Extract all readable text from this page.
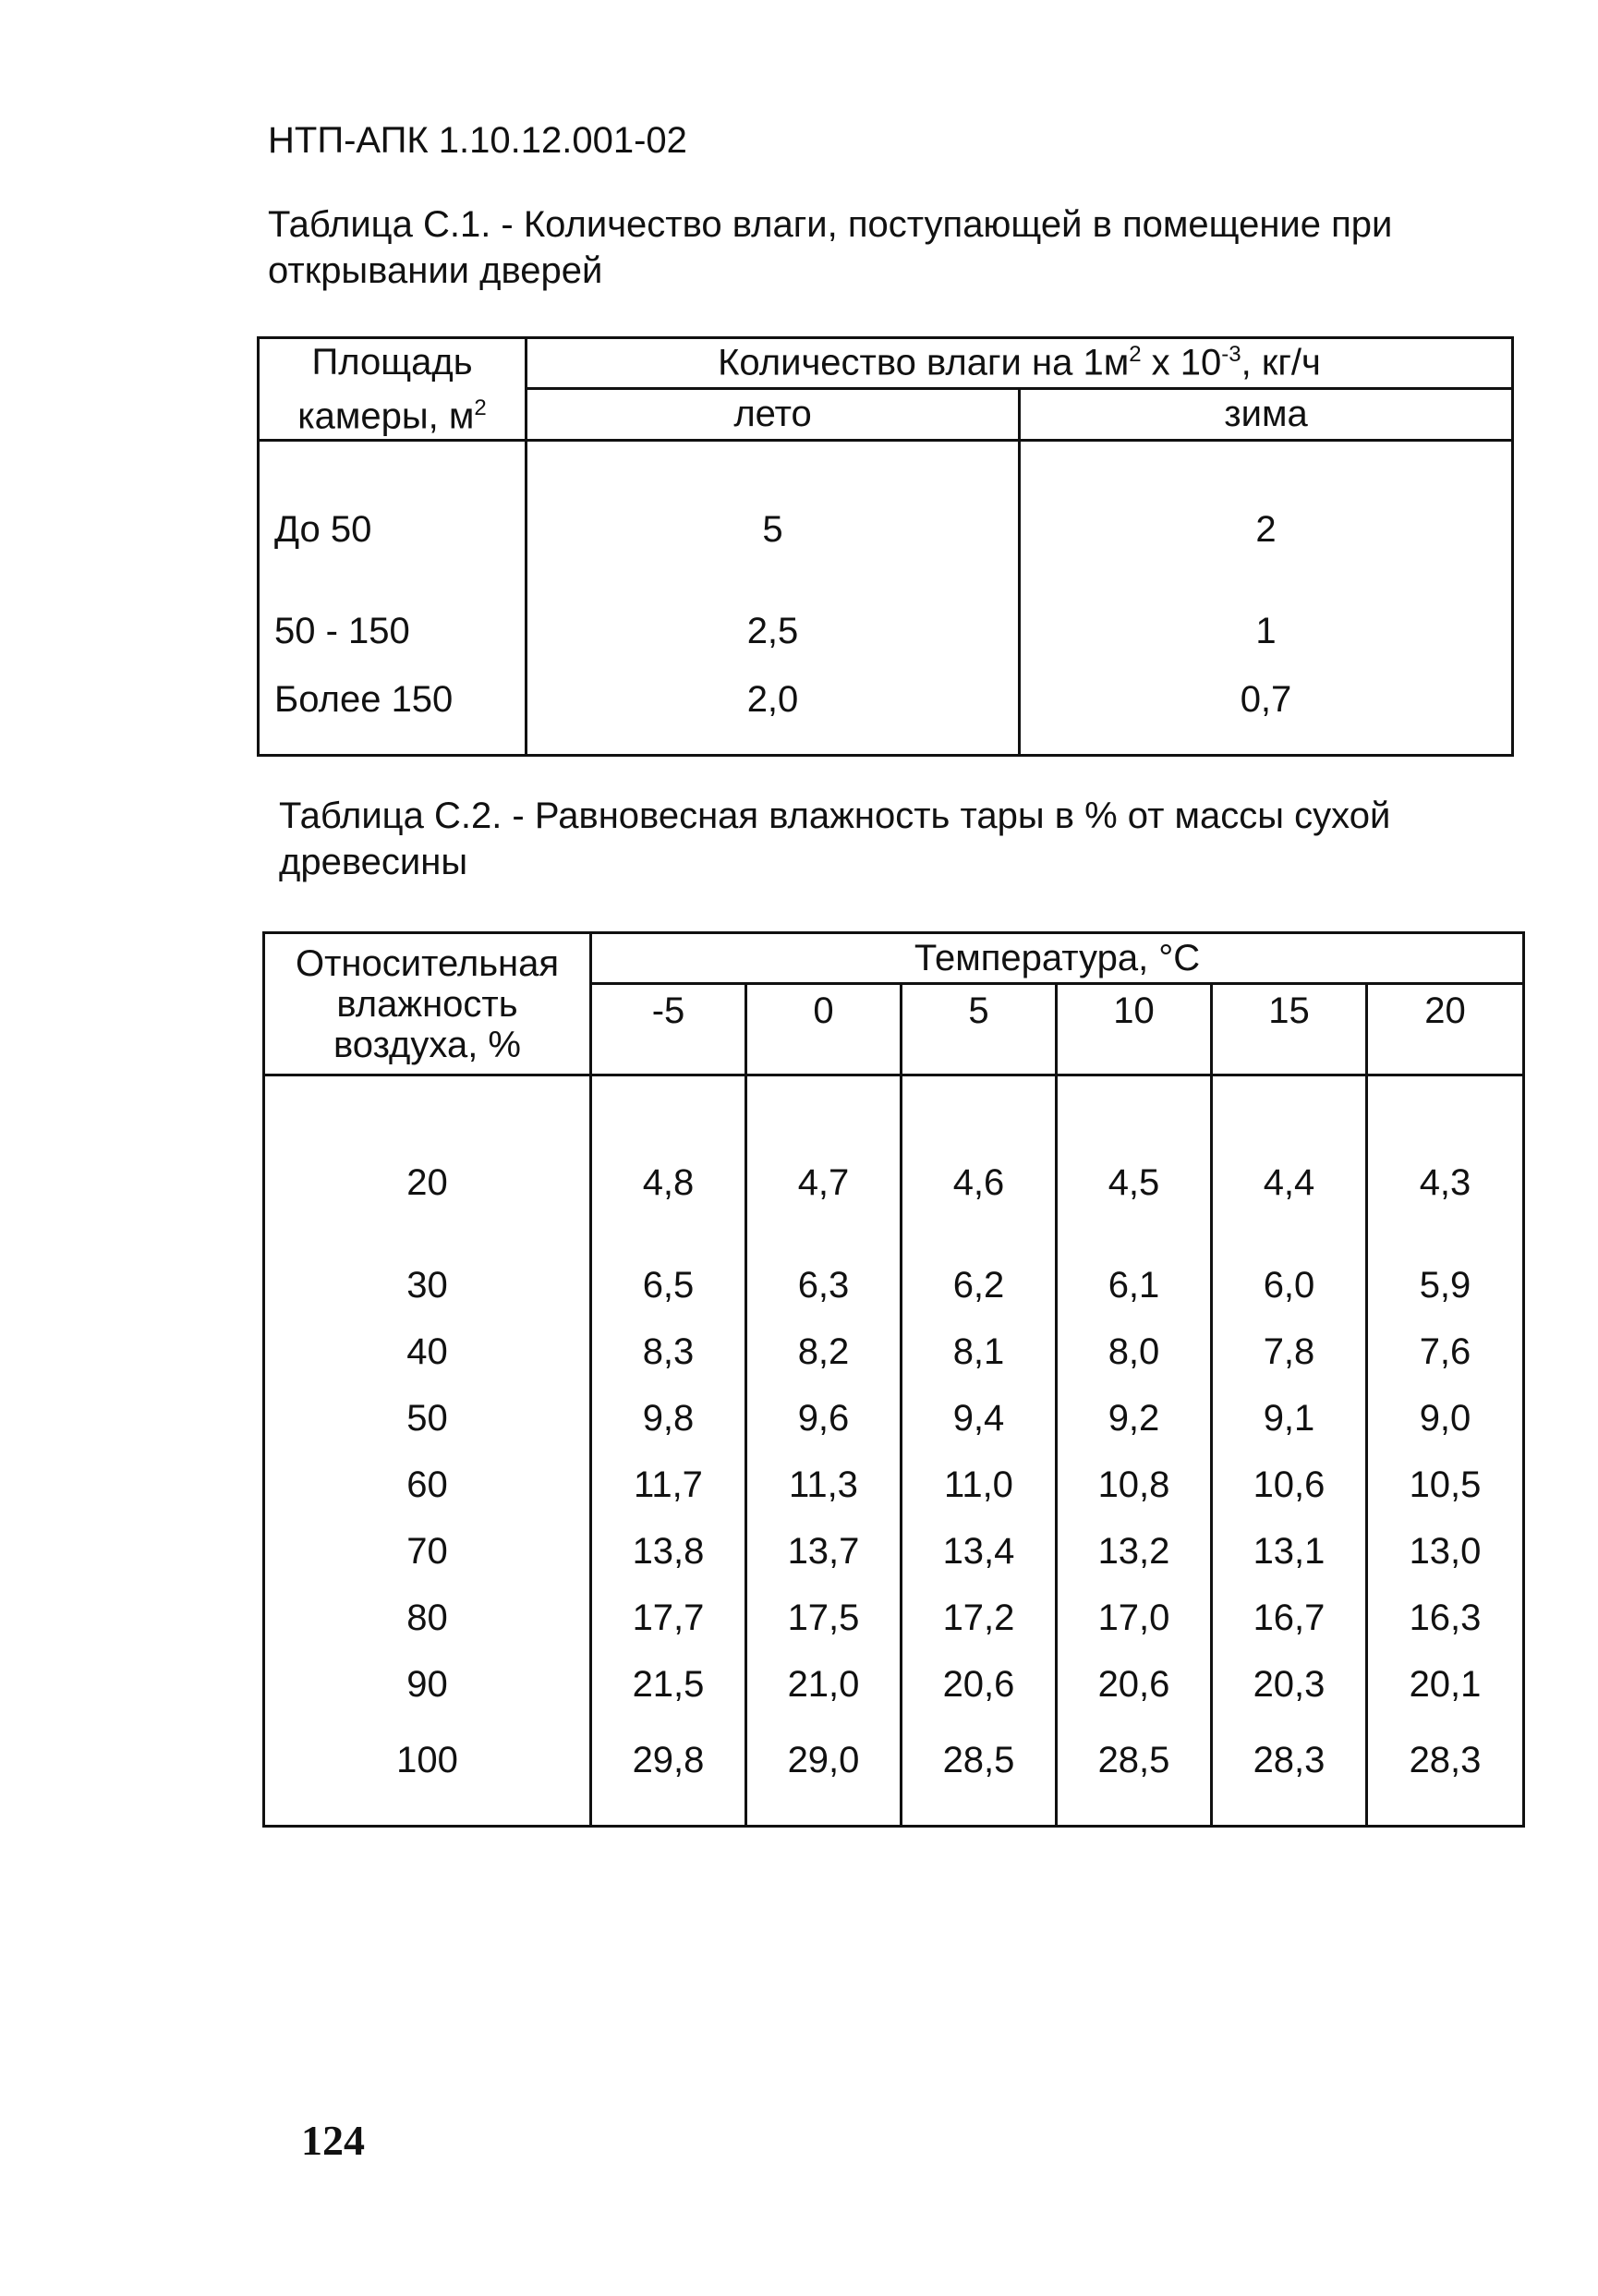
НТП-АПК 1.10.12.001-02
Таблица С.1. - Количество влаги, поступающей в помещение при открывании дверей
Площадь
камеры, $м^2$	Количество влаги на $1м^2$ х $10^{-3}$, кг/ч	
	лето	зима
До 50	5	2
50 - 150	2,5	1
Более 150	2,0	0,7
Таблица С.2. - Равновесная влажность тары в % от массы сухой древесины
Относительная
влажность
воздуха, %	Температура, °С					
	-5	0	5	10	15	20
20	4,8	4,7	4,6	4,5	4,4	4,3
30	6,5	6,3	6,2	6,1	6,0	5,9
40	8,3	8,2	8,1	8,0	7,8	7,6
50	9,8	9,6	9,4	9,2	9,1	9,0
60	11,7	11,3	11,0	10,8	10,6	10,5
70	13,8	13,7	13,4	13,2	13,1	13,0
80	17,7	17,5	17,2	17,0	16,7	16,3
90	21,5	21,0	20,6	20,6	20,3	20,1
100	29,8	29,0	28,5	28,5	28,3	28,3
124
